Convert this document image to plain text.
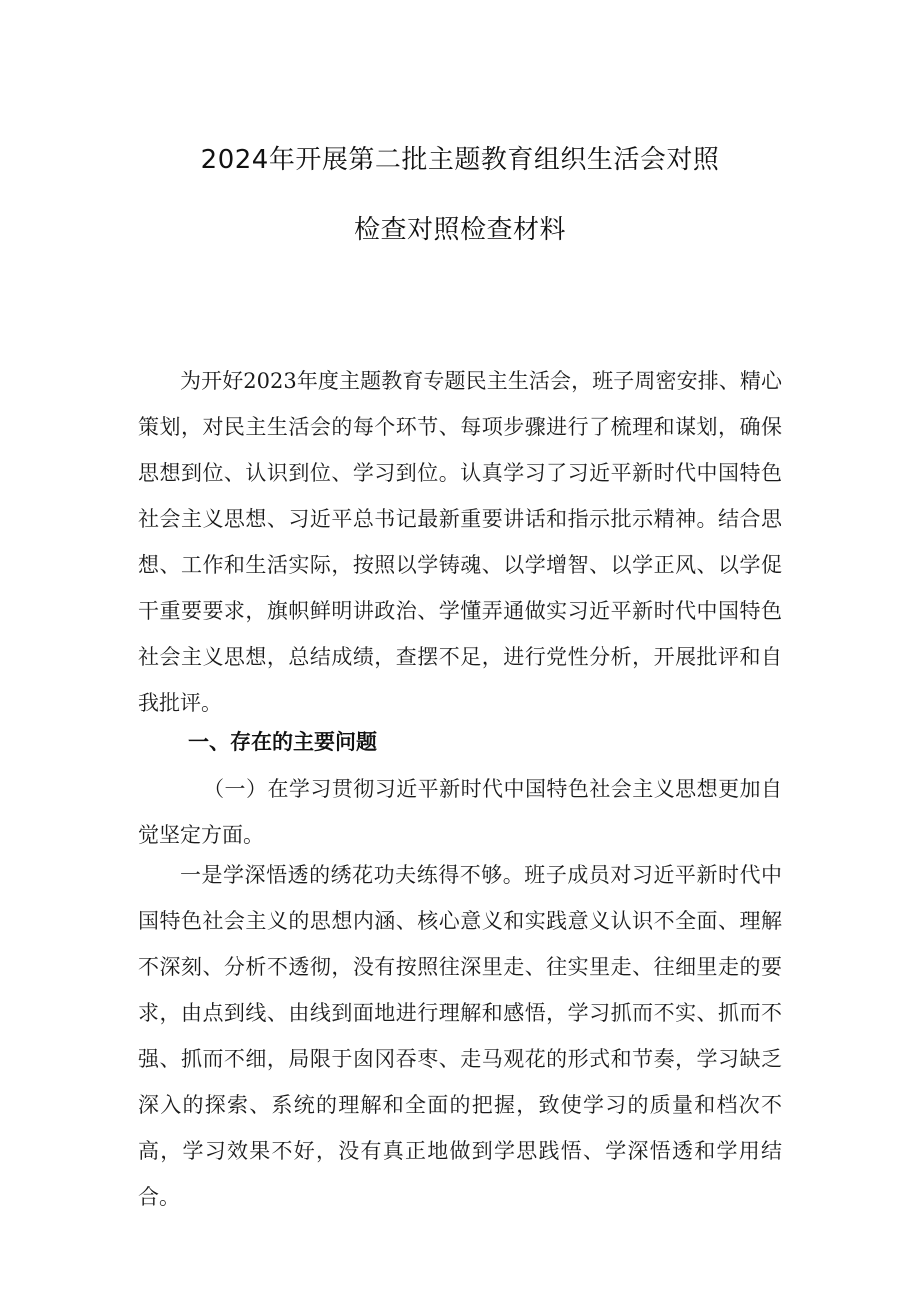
2024年开展第二批主题教育组织生活会对照
检查对照检查材料

为开好2023年度主题教育专题民主生活会，班子周密安排、精心策划，对民主生活会的每个环节、每项步骤进行了梳理和谋划，确保思想到位、认识到位、学习到位。认真学习了习近平新时代中国特色社会主义思想、习近平总书记最新重要讲话和指示批示精神。结合思想、工作和生活实际，按照以学铸魂、以学增智、以学正风、以学促干重要要求，旗帜鲜明讲政治、学懂弄通做实习近平新时代中国特色社会主义思想，总结成绩，查摆不足，进行党性分析，开展批评和自我批评。

一、存在的主要问题

（一）在学习贯彻习近平新时代中国特色社会主义思想更加自觉坚定方面。

一是学深悟透的绣花功夫练得不够。班子成员对习近平新时代中国特色社会主义的思想内涵、核心意义和实践意义认识不全面、理解不深刻、分析不透彻，没有按照往深里走、往实里走、往细里走的要求，由点到线、由线到面地进行理解和感悟，学习抓而不实、抓而不强、抓而不细，局限于囱冈吞枣、走马观花的形式和节奏，学习缺乏深入的探索、系统的理解和全面的把握，致使学习的质量和档次不高，学习效果不好，没有真正地做到学思践悟、学深悟透和学用结合。
